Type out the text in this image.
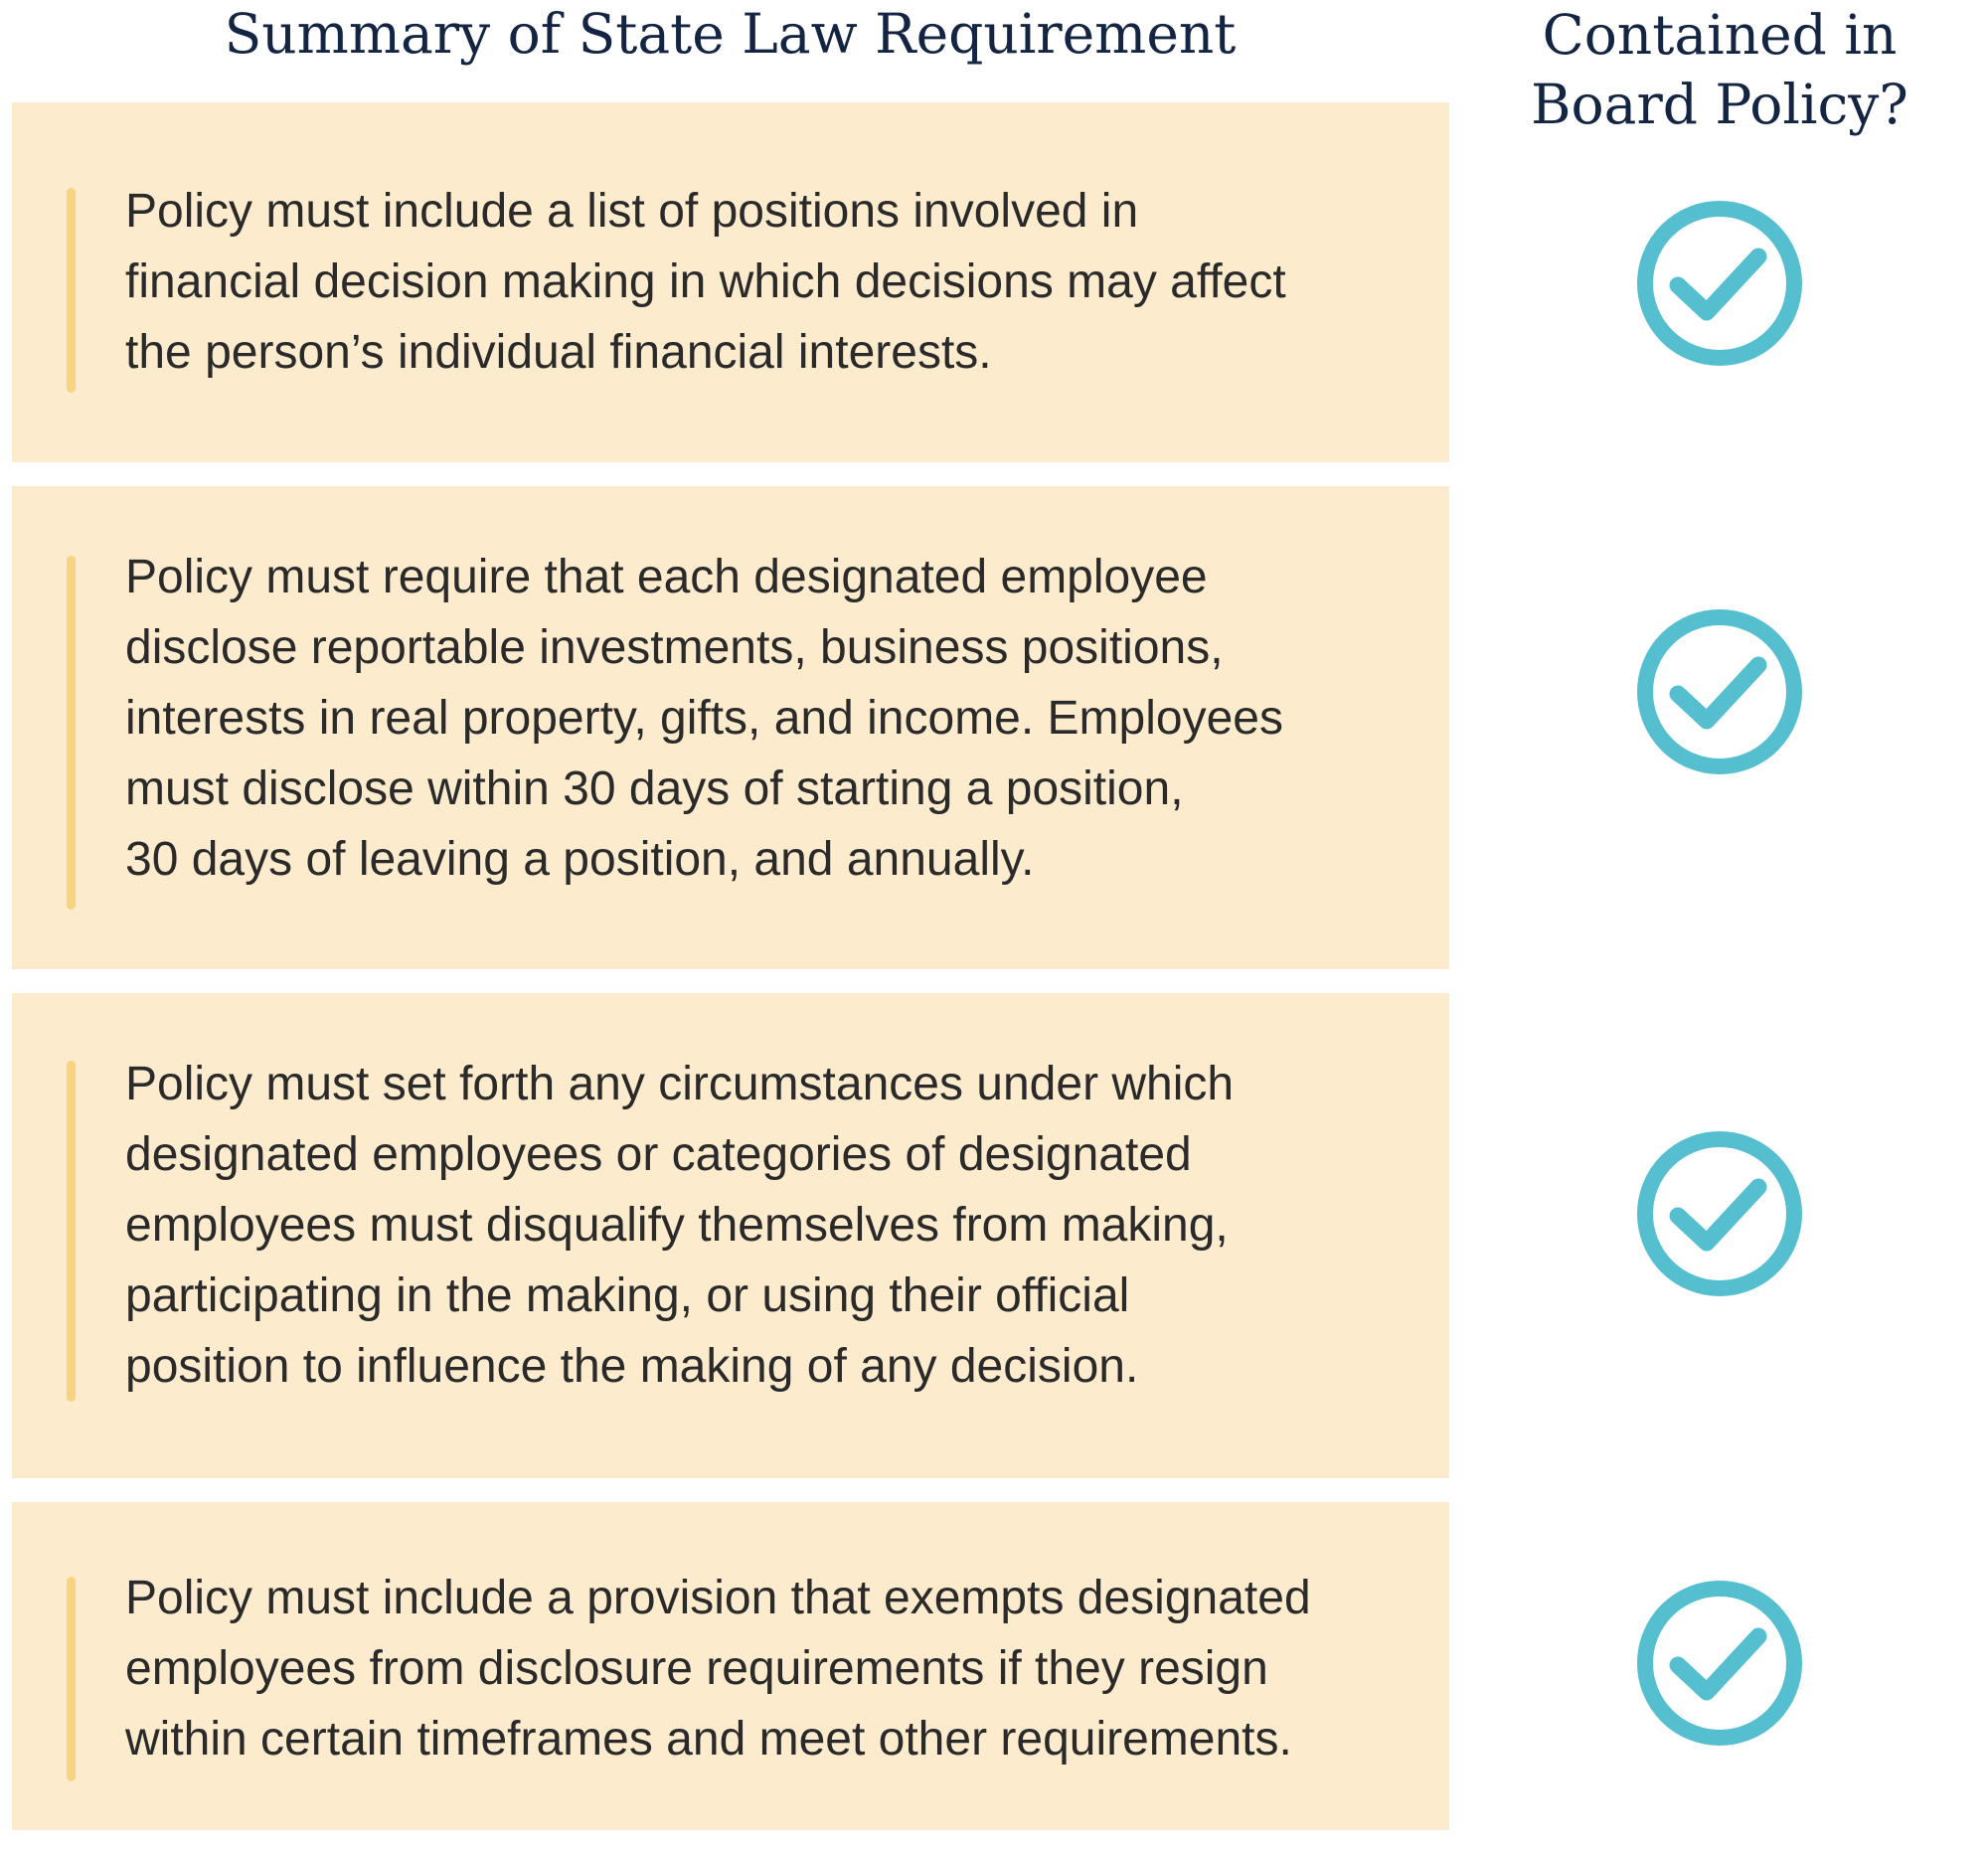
Summary of State Law Requirement	Contained in
Board Policy?

Policy must include a list of positions involved in
financial decision making in which decisions may affect
the person’s individual financial interests.

Policy must require that each designated employee
disclose reportable investments, business positions,
interests in real property, gifts, and income. Employees
must disclose within 30 days of starting a position,
30 days of leaving a position, and annually.

Policy must set forth any circumstances under which
designated employees or categories of designated
employees must disqualify themselves from making,
participating in the making, or using their official
position to influence the making of any decision.

Policy must include a provision that exempts designated
employees from disclosure requirements if they resign
within certain timeframes and meet other requirements.
